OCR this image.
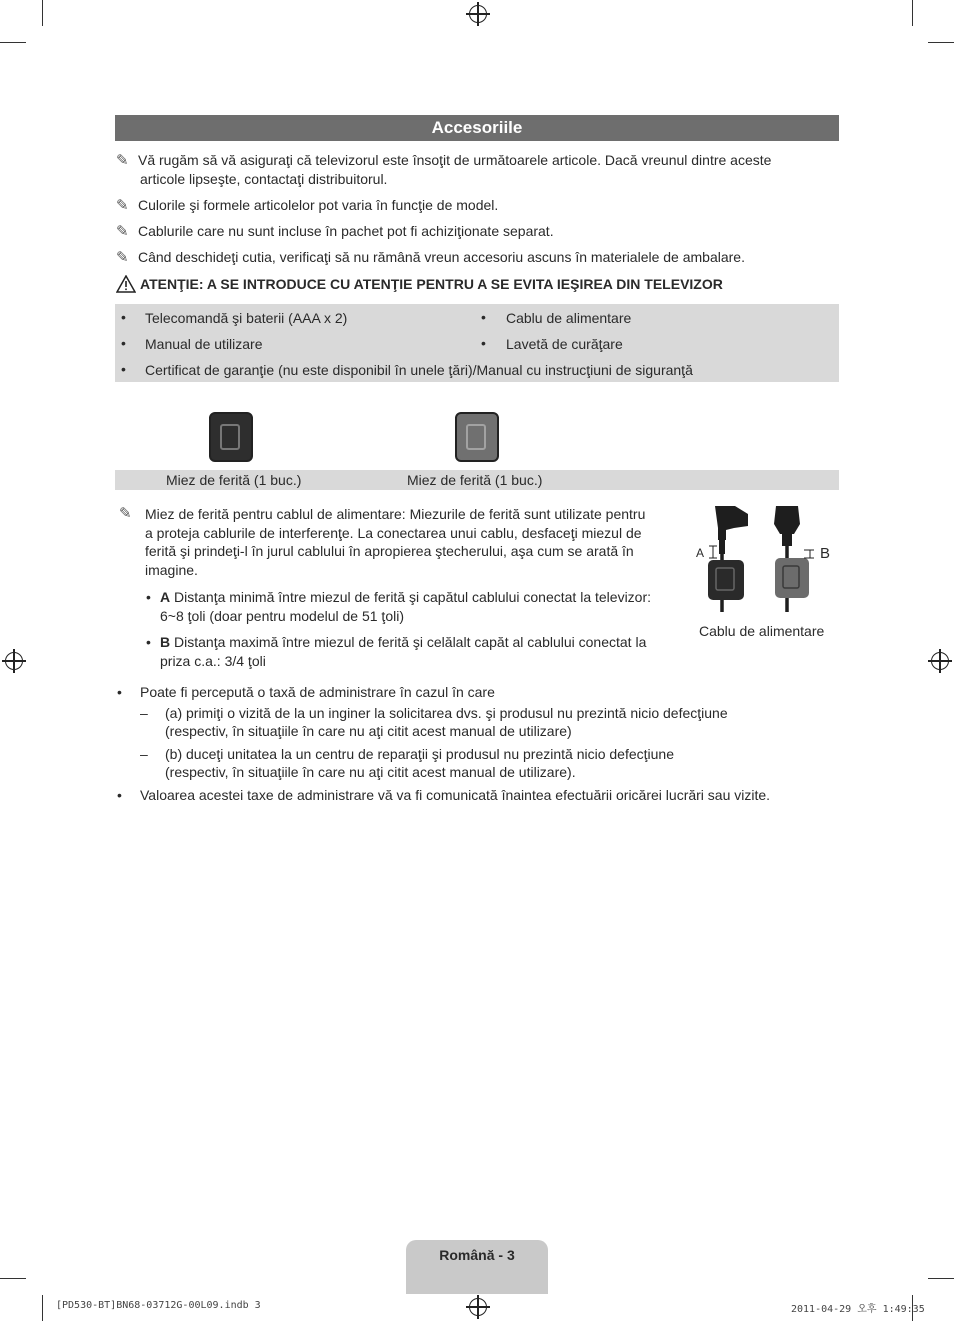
Accesoriile
✎ Vă rugăm să vă asiguraţi că televizorul este însoţit de următoarele articole. Dacă vreunul dintre aceste
articole lipseşte, contactaţi distribuitorul.
✎ Culorile şi formele articolelor pot varia în funcţie de model.
✎ Cablurile care nu sunt incluse în pachet pot fi achiziţionate separat.
✎ Când deschideţi cutia, verificaţi să nu rămână vreun accesoriu ascuns în materialele de ambalare.
ATENŢIE: A SE INTRODUCE CU ATENŢIE PENTRU A SE EVITA IEŞIREA DIN TELEVIZOR
• Telecomandă şi baterii (AAA x 2)	• Cablu de alimentare
• Manual de utilizare	• Lavetă de curăţare
• Certificat de garanţie (nu este disponibil în unele ţări)/Manual cu instrucţiuni de siguranţă
Miez de ferită (1 buc.)	Miez de ferită (1 buc.)
✎ Miez de ferită pentru cablul de alimentare: Miezurile de ferită sunt utilizate pentru
a proteja cablurile de interferenţe. La conectarea unui cablu, desfaceţi miezul de
ferită şi prindeţi-l în jurul cablului în apropierea ştecherului, aşa cum se arată în
imagine.
• A Distanţa minimă între miezul de ferită şi capătul cablului conectat la televizor:
6~8 ţoli (doar pentru modelul de 51 ţoli)
• B Distanţa maximă între miezul de ferită şi celălalt capăt al cablului conectat la
priza c.a.: 3/4 ţoli
A	B
Cablu de alimentare
• Poate fi percepută o taxă de administrare în cazul în care
– (a) primiţi o vizită de la un inginer la solicitarea dvs. şi produsul nu prezintă nicio defecţiune
(respectiv, în situaţiile în care nu aţi citit acest manual de utilizare)
– (b) duceţi unitatea la un centru de reparaţii şi produsul nu prezintă nicio defecţiune
(respectiv, în situaţiile în care nu aţi citit acest manual de utilizare).
• Valoarea acestei taxe de administrare vă va fi comunicată înaintea efectuării oricărei lucrări sau vizite.
Română - 3
[PD530-BT]BN68-03712G-00L09.indb 3	2011-04-29 오후 1:49:35
